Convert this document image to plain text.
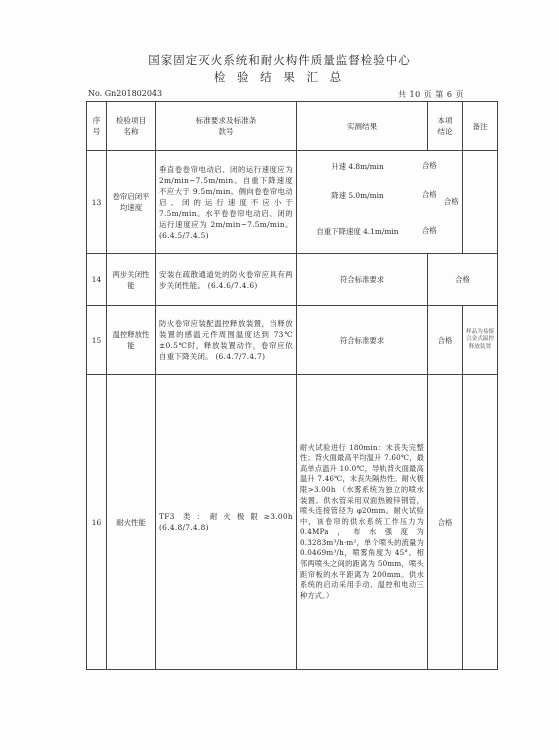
国家固定灭火系统和耐火构件质量监督检验中心
检 验 结 果 汇 总
No. Gn201802043	共 10 页 第 6 页
序号	检验项目名称	标准要求及标准条款号	实测结果	本项结论	备注
13	卷帘启闭平均速度	垂直卷卷帘电动启、闭的运行速度应为 2m/min~7.5m/min。自重下降速度不应大于 9.5m/min。侧向卷卷帘电动启、闭的运行速度不应小于 7.5m/min。水平卷卷帘电动启、闭的运行速度应为 2m/min~7.5m/min。 (6.4.5/7.4.5)	
升速 4.8m/min	合格	合格
降速 5.0m/min	合格
自重下降速度 4.1m/min	合格

14	两步关闭性能	安装在疏散通道处的防火卷帘应具有两步关闭性能。 (6.4.6/7.4.6)	符合标准要求	合格
15	温控释放性能	防火卷帘应装配温控释放装置，当释放装置的感温元件周围温度达到 73℃±0.5℃时，释放装置动作，卷帘应依自重下降关闭。 (6.4.7/7.4.7)	符合标准要求	合格	样品为易熔合金式温控释放装置
16	耐火性能	TF3 类：耐火极限≥3.00h (6.4.8/7.4.8)	耐火试验进行 180min：未丧失完整性；背火面最高平均温升 7.60℃，最高单点温升 10.0℃，导轨背火面最高温升 7.46℃，未丧失隔热性。耐火极限>3.00h （水雾系统为独立的喷水装置。供水管采用双面热镀锌钢管，喷头连接管径为 φ20mm。耐火试验中，该卷帘的供水系统工作压力为 0.4MPa，布水强度为 0.3283m³/h·m²，单个喷头的流量为 0.0469m³/h，喷雾角度为 45°。相邻两喷头之间的距离为 50mm，喷头距帘板的水平距离为 200mm。供水系统的启动采用手动、温控和电动三种方式。）	合格	
